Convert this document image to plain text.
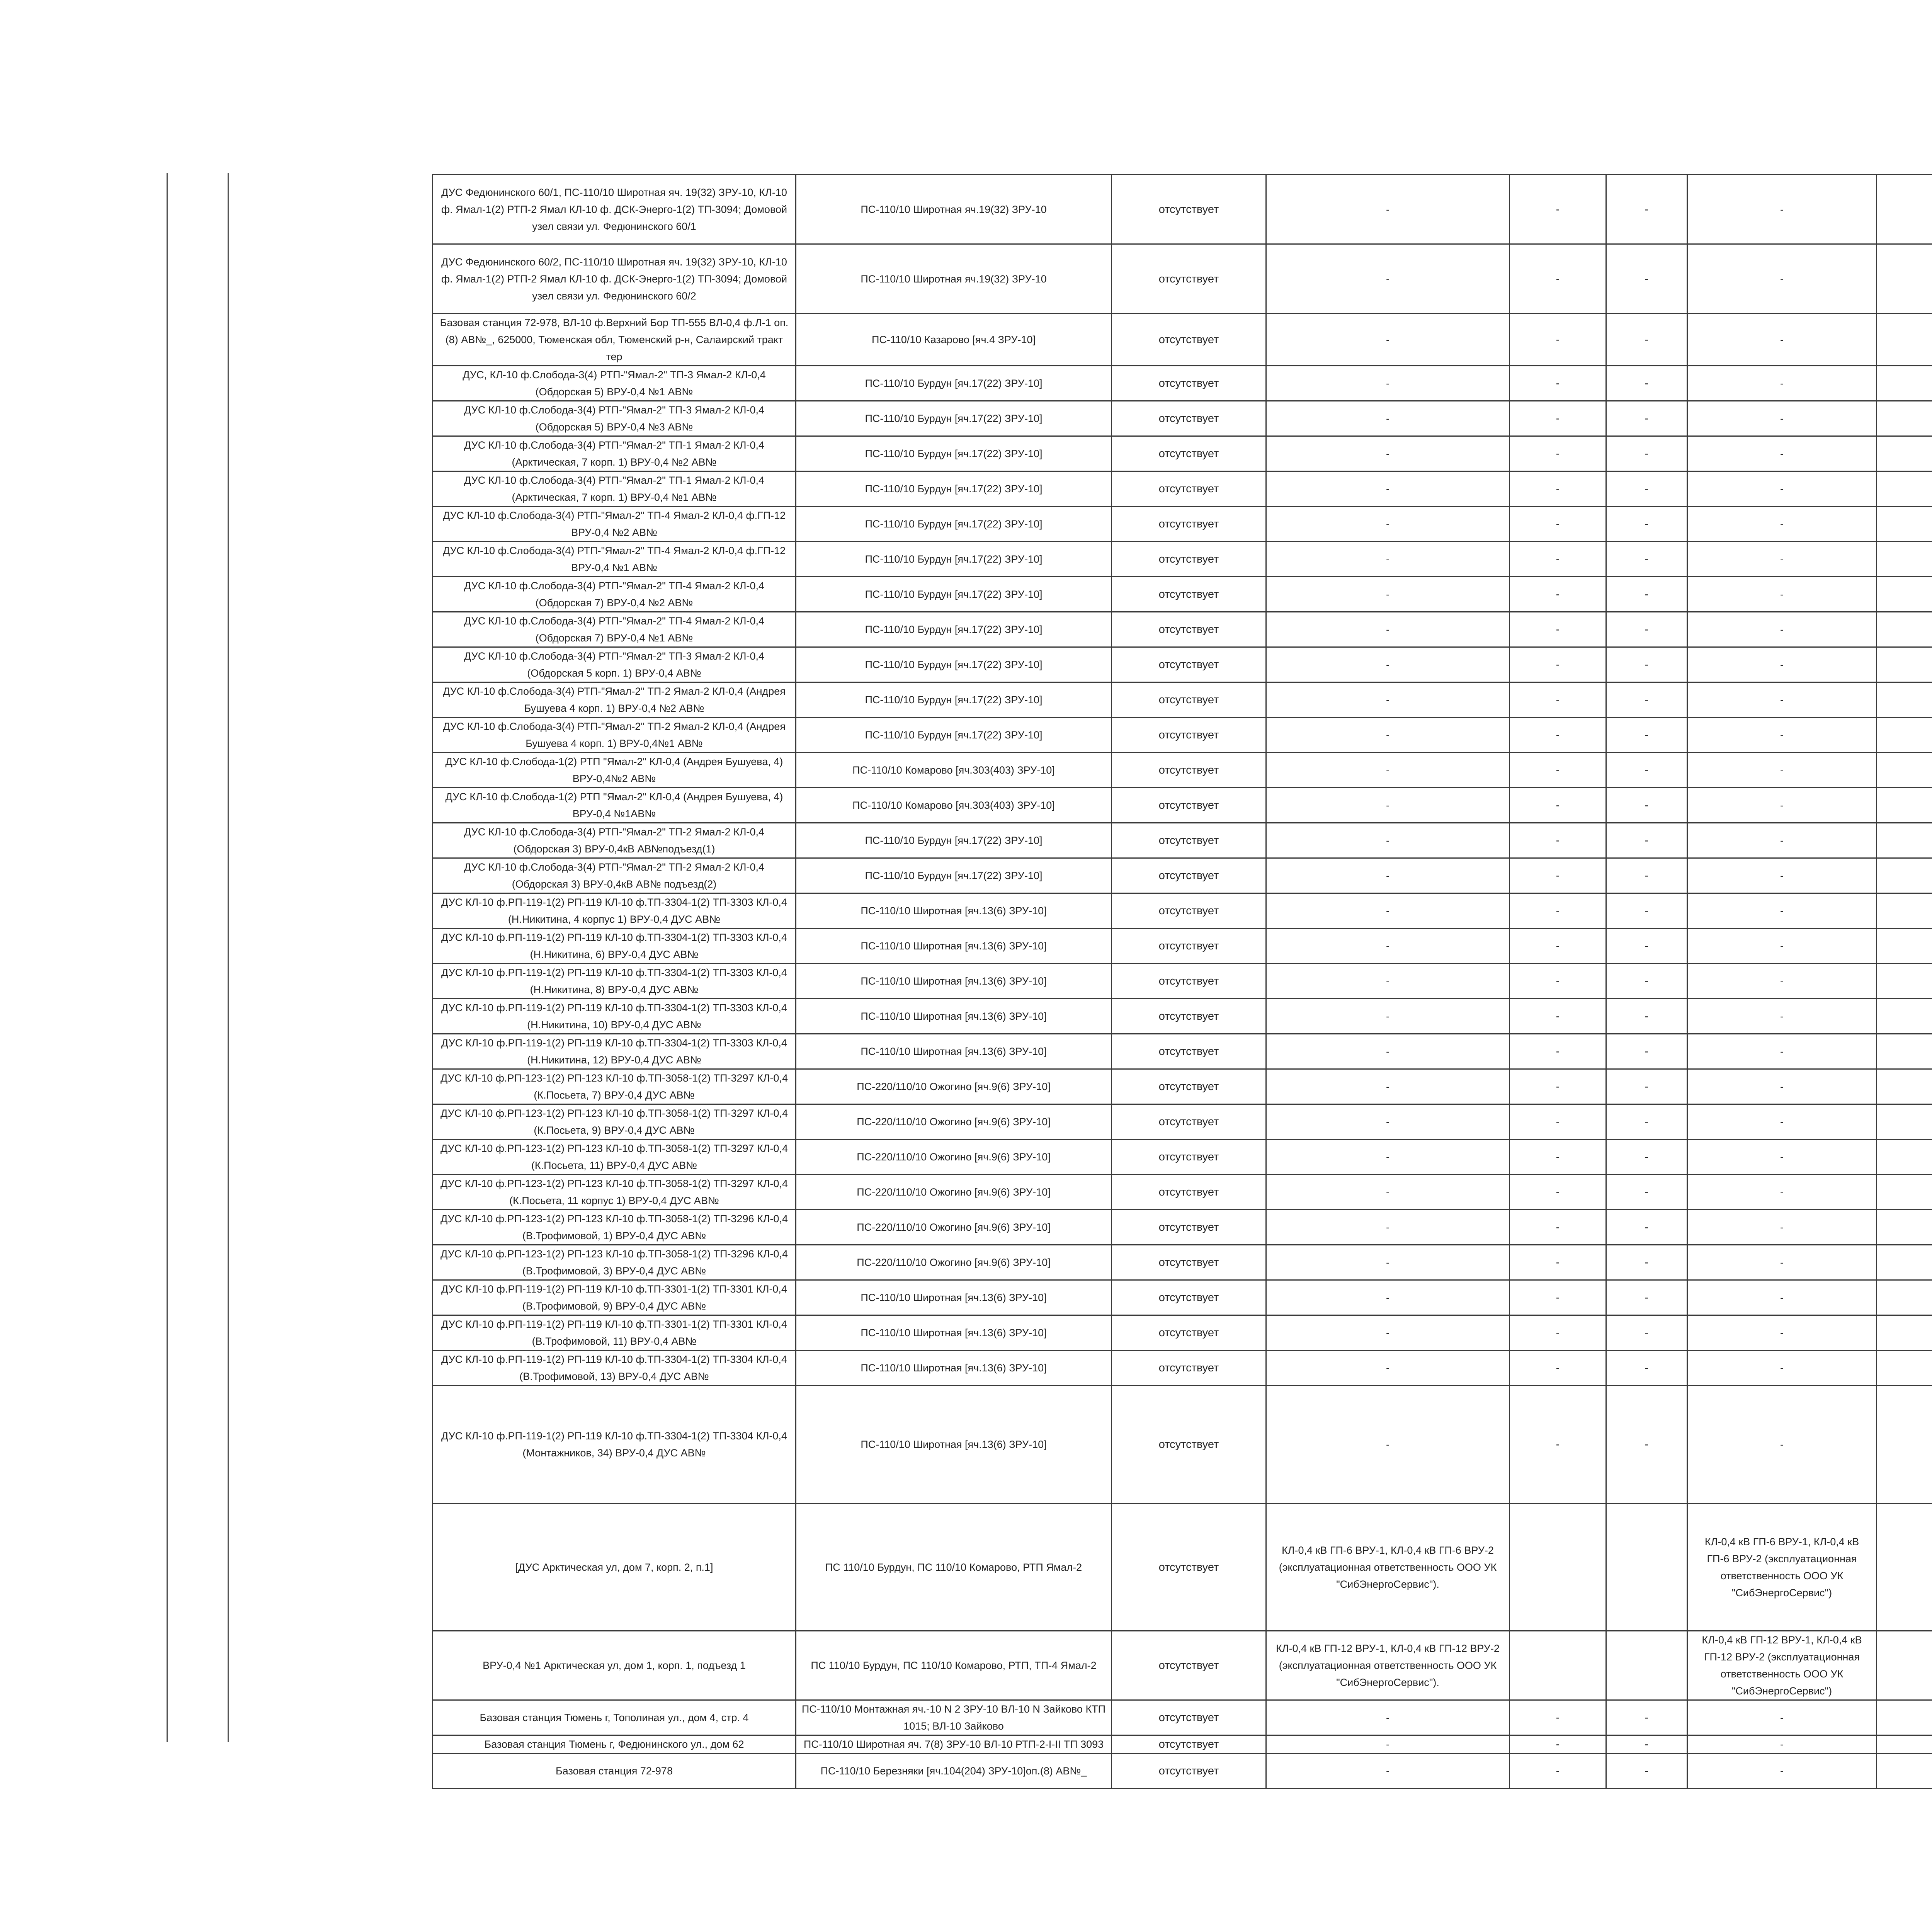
ДУС Федюнинского 60/1, ПС-110/10 Широтная яч. 19(32) ЗРУ-10, КЛ-10 ф. Ямал-1(2) РТП-2 Ямал КЛ-10 ф. ДСК-Энерго-1(2) ТП-3094; Домовой узел связи ул. Федюнинского 60/1	ПС-110/10 Широтная яч.19(32) ЗРУ-10	отсутствует	-	-	-	-		
ДУС Федюнинского 60/2, ПС-110/10 Широтная яч. 19(32) ЗРУ-10, КЛ-10 ф. Ямал-1(2) РТП-2 Ямал КЛ-10 ф. ДСК-Энерго-1(2) ТП-3094; Домовой узел связи ул. Федюнинского 60/2	ПС-110/10 Широтная яч.19(32) ЗРУ-10	отсутствует	-	-	-	-		
Базовая станция 72-978, ВЛ-10 ф.Верхний Бор ТП-555 ВЛ-0,4 ф.Л-1 оп.(8) АВ№_, 625000, Тюменская обл, Тюменский р-н, Салаирский тракт тер	ПС-110/10 Казарово [яч.4 ЗРУ-10]	отсутствует	-	-	-	-		
ДУС, КЛ-10 ф.Слобода-3(4) РТП-"Ямал-2" ТП-3 Ямал-2 КЛ-0,4 (Обдорская 5) ВРУ-0,4 №1 АВ№	ПС-110/10 Бурдун [яч.17(22) ЗРУ-10]	отсутствует	-	-	-	-		
ДУС КЛ-10 ф.Слобода-3(4) РТП-"Ямал-2" ТП-3 Ямал-2 КЛ-0,4 (Обдорская 5) ВРУ-0,4 №3 АВ№	ПС-110/10 Бурдун [яч.17(22) ЗРУ-10]	отсутствует	-	-	-	-		
ДУС КЛ-10 ф.Слобода-3(4) РТП-"Ямал-2" ТП-1 Ямал-2 КЛ-0,4 (Арктическая, 7 корп. 1) ВРУ-0,4 №2 АВ№	ПС-110/10 Бурдун [яч.17(22) ЗРУ-10]	отсутствует	-	-	-	-		
ДУС КЛ-10 ф.Слобода-3(4) РТП-"Ямал-2" ТП-1 Ямал-2 КЛ-0,4 (Арктическая, 7 корп. 1) ВРУ-0,4 №1 АВ№	ПС-110/10 Бурдун [яч.17(22) ЗРУ-10]	отсутствует	-	-	-	-		
ДУС КЛ-10 ф.Слобода-3(4) РТП-"Ямал-2" ТП-4 Ямал-2 КЛ-0,4 ф.ГП-12 ВРУ-0,4 №2 АВ№	ПС-110/10 Бурдун [яч.17(22) ЗРУ-10]	отсутствует	-	-	-	-		
ДУС КЛ-10 ф.Слобода-3(4) РТП-"Ямал-2" ТП-4 Ямал-2 КЛ-0,4 ф.ГП-12 ВРУ-0,4 №1 АВ№	ПС-110/10 Бурдун [яч.17(22) ЗРУ-10]	отсутствует	-	-	-	-		
ДУС КЛ-10 ф.Слобода-3(4) РТП-"Ямал-2" ТП-4 Ямал-2 КЛ-0,4 (Обдорская 7) ВРУ-0,4 №2 АВ№	ПС-110/10 Бурдун [яч.17(22) ЗРУ-10]	отсутствует	-	-	-	-		
ДУС КЛ-10 ф.Слобода-3(4) РТП-"Ямал-2" ТП-4 Ямал-2 КЛ-0,4 (Обдорская 7) ВРУ-0,4 №1 АВ№	ПС-110/10 Бурдун [яч.17(22) ЗРУ-10]	отсутствует	-	-	-	-		
ДУС КЛ-10 ф.Слобода-3(4) РТП-"Ямал-2" ТП-3 Ямал-2 КЛ-0,4 (Обдорская 5 корп. 1) ВРУ-0,4 АВ№	ПС-110/10 Бурдун [яч.17(22) ЗРУ-10]	отсутствует	-	-	-	-		
ДУС КЛ-10 ф.Слобода-3(4) РТП-"Ямал-2" ТП-2 Ямал-2 КЛ-0,4 (Андрея Бушуева 4 корп. 1) ВРУ-0,4 №2 АВ№	ПС-110/10 Бурдун [яч.17(22) ЗРУ-10]	отсутствует	-	-	-	-		
ДУС КЛ-10 ф.Слобода-3(4) РТП-"Ямал-2" ТП-2 Ямал-2 КЛ-0,4 (Андрея Бушуева 4 корп. 1) ВРУ-0,4№1 АВ№	ПС-110/10 Бурдун [яч.17(22) ЗРУ-10]	отсутствует	-	-	-	-		
ДУС КЛ-10 ф.Слобода-1(2) РТП "Ямал-2" КЛ-0,4 (Андрея Бушуева, 4) ВРУ-0,4№2 АВ№	ПС-110/10 Комарово [яч.303(403) ЗРУ-10]	отсутствует	-	-	-	-		
ДУС КЛ-10 ф.Слобода-1(2) РТП "Ямал-2" КЛ-0,4 (Андрея Бушуева, 4) ВРУ-0,4 №1АВ№	ПС-110/10 Комарово [яч.303(403) ЗРУ-10]	отсутствует	-	-	-	-		
ДУС КЛ-10 ф.Слобода-3(4) РТП-"Ямал-2" ТП-2 Ямал-2 КЛ-0,4 (Обдорская 3) ВРУ-0,4кВ АВ№подъезд(1)	ПС-110/10 Бурдун [яч.17(22) ЗРУ-10]	отсутствует	-	-	-	-		
ДУС КЛ-10 ф.Слобода-3(4) РТП-"Ямал-2" ТП-2 Ямал-2 КЛ-0,4 (Обдорская 3) ВРУ-0,4кВ АВ№ подъезд(2)	ПС-110/10 Бурдун [яч.17(22) ЗРУ-10]	отсутствует	-	-	-	-		
ДУС КЛ-10 ф.РП-119-1(2) РП-119 КЛ-10 ф.ТП-3304-1(2) ТП-3303 КЛ-0,4 (Н.Никитина, 4 корпус 1) ВРУ-0,4 ДУС АВ№	ПС-110/10 Широтная [яч.13(6) ЗРУ-10]	отсутствует	-	-	-	-		
ДУС КЛ-10 ф.РП-119-1(2) РП-119 КЛ-10 ф.ТП-3304-1(2) ТП-3303 КЛ-0,4 (Н.Никитина, 6) ВРУ-0,4 ДУС АВ№	ПС-110/10 Широтная [яч.13(6) ЗРУ-10]	отсутствует	-	-	-	-		
ДУС КЛ-10 ф.РП-119-1(2) РП-119 КЛ-10 ф.ТП-3304-1(2) ТП-3303 КЛ-0,4 (Н.Никитина, 8) ВРУ-0,4 ДУС АВ№	ПС-110/10 Широтная [яч.13(6) ЗРУ-10]	отсутствует	-	-	-	-		
ДУС КЛ-10 ф.РП-119-1(2) РП-119 КЛ-10 ф.ТП-3304-1(2) ТП-3303 КЛ-0,4 (Н.Никитина, 10) ВРУ-0,4 ДУС АВ№	ПС-110/10 Широтная [яч.13(6) ЗРУ-10]	отсутствует	-	-	-	-		
ДУС КЛ-10 ф.РП-119-1(2) РП-119 КЛ-10 ф.ТП-3304-1(2) ТП-3303 КЛ-0,4 (Н.Никитина, 12) ВРУ-0,4 ДУС АВ№	ПС-110/10 Широтная [яч.13(6) ЗРУ-10]	отсутствует	-	-	-	-		
ДУС КЛ-10 ф.РП-123-1(2) РП-123 КЛ-10 ф.ТП-3058-1(2) ТП-3297 КЛ-0,4 (К.Посьета, 7) ВРУ-0,4 ДУС АВ№	ПС-220/110/10 Ожогино [яч.9(6) ЗРУ-10]	отсутствует	-	-	-	-		
ДУС КЛ-10 ф.РП-123-1(2) РП-123 КЛ-10 ф.ТП-3058-1(2) ТП-3297 КЛ-0,4 (К.Посьета, 9) ВРУ-0,4 ДУС АВ№	ПС-220/110/10 Ожогино [яч.9(6) ЗРУ-10]	отсутствует	-	-	-	-		
ДУС КЛ-10 ф.РП-123-1(2) РП-123 КЛ-10 ф.ТП-3058-1(2) ТП-3297 КЛ-0,4 (К.Посьета, 11) ВРУ-0,4 ДУС АВ№	ПС-220/110/10 Ожогино [яч.9(6) ЗРУ-10]	отсутствует	-	-	-	-		
ДУС КЛ-10 ф.РП-123-1(2) РП-123 КЛ-10 ф.ТП-3058-1(2) ТП-3297 КЛ-0,4 (К.Посьета, 11 корпус 1) ВРУ-0,4 ДУС АВ№	ПС-220/110/10 Ожогино [яч.9(6) ЗРУ-10]	отсутствует	-	-	-	-		
ДУС КЛ-10 ф.РП-123-1(2) РП-123 КЛ-10 ф.ТП-3058-1(2) ТП-3296 КЛ-0,4 (В.Трофимовой, 1) ВРУ-0,4 ДУС АВ№	ПС-220/110/10 Ожогино [яч.9(6) ЗРУ-10]	отсутствует	-	-	-	-		
ДУС КЛ-10 ф.РП-123-1(2) РП-123 КЛ-10 ф.ТП-3058-1(2) ТП-3296 КЛ-0,4 (В.Трофимовой, 3) ВРУ-0,4 ДУС АВ№	ПС-220/110/10 Ожогино [яч.9(6) ЗРУ-10]	отсутствует	-	-	-	-		
ДУС КЛ-10 ф.РП-119-1(2) РП-119 КЛ-10 ф.ТП-3301-1(2) ТП-3301 КЛ-0,4 (В.Трофимовой, 9) ВРУ-0,4 ДУС АВ№	ПС-110/10 Широтная [яч.13(6) ЗРУ-10]	отсутствует	-	-	-	-		
ДУС КЛ-10 ф.РП-119-1(2) РП-119 КЛ-10 ф.ТП-3301-1(2) ТП-3301 КЛ-0,4 (В.Трофимовой, 11) ВРУ-0,4 АВ№	ПС-110/10 Широтная [яч.13(6) ЗРУ-10]	отсутствует	-	-	-	-		
ДУС КЛ-10 ф.РП-119-1(2) РП-119 КЛ-10 ф.ТП-3304-1(2) ТП-3304 КЛ-0,4 (В.Трофимовой, 13) ВРУ-0,4 ДУС АВ№	ПС-110/10 Широтная [яч.13(6) ЗРУ-10]	отсутствует	-	-	-	-		
ДУС КЛ-10 ф.РП-119-1(2) РП-119 КЛ-10 ф.ТП-3304-1(2) ТП-3304 КЛ-0,4 (Монтажников, 34) ВРУ-0,4 ДУС АВ№	ПС-110/10 Широтная [яч.13(6) ЗРУ-10]	отсутствует	-	-	-	-		
[ДУС Арктическая ул, дом 7, корп. 2, п.1]	ПС 110/10 Бурдун, ПС 110/10 Комарово, РТП Ямал-2	отсутствует	КЛ-0,4 кВ ГП-6 ВРУ-1, КЛ-0,4 кВ ГП-6 ВРУ-2 (эксплуатационная ответственность ООО УК "СибЭнергоСервис").			КЛ-0,4 кВ ГП-6 ВРУ-1, КЛ-0,4 кВ ГП-6 ВРУ-2 (эксплуатационная ответственность ООО УК "СибЭнергоСервис")		
ВРУ-0,4 №1 Арктическая ул, дом 1, корп. 1, подъезд 1	ПС 110/10 Бурдун, ПС 110/10 Комарово, РТП, ТП-4 Ямал-2	отсутствует	КЛ-0,4 кВ ГП-12 ВРУ-1, КЛ-0,4 кВ ГП-12 ВРУ-2 (эксплуатационная ответственность ООО УК "СибЭнергоСервис").			КЛ-0,4 кВ ГП-12 ВРУ-1, КЛ-0,4 кВ ГП-12 ВРУ-2 (эксплуатационная ответственность ООО УК "СибЭнергоСервис")		
Базовая станция Тюмень г, Тополиная ул., дом 4, стр. 4	ПС-110/10 Монтажная яч.-10 N 2 ЗРУ-10 ВЛ-10 N Зайково КТП 1015; ВЛ-10 Зайково	отсутствует	-	-	-	-		
Базовая станция Тюмень г, Федюнинского ул., дом 62	ПС-110/10 Широтная яч. 7(8) ЗРУ-10 ВЛ-10 РТП-2-I-II ТП 3093	отсутствует	-	-	-	-		
Базовая станция 72-978	ПС-110/10 Березняки [яч.104(204) ЗРУ-10]оп.(8) АВ№_	отсутствует	-	-	-	-		
